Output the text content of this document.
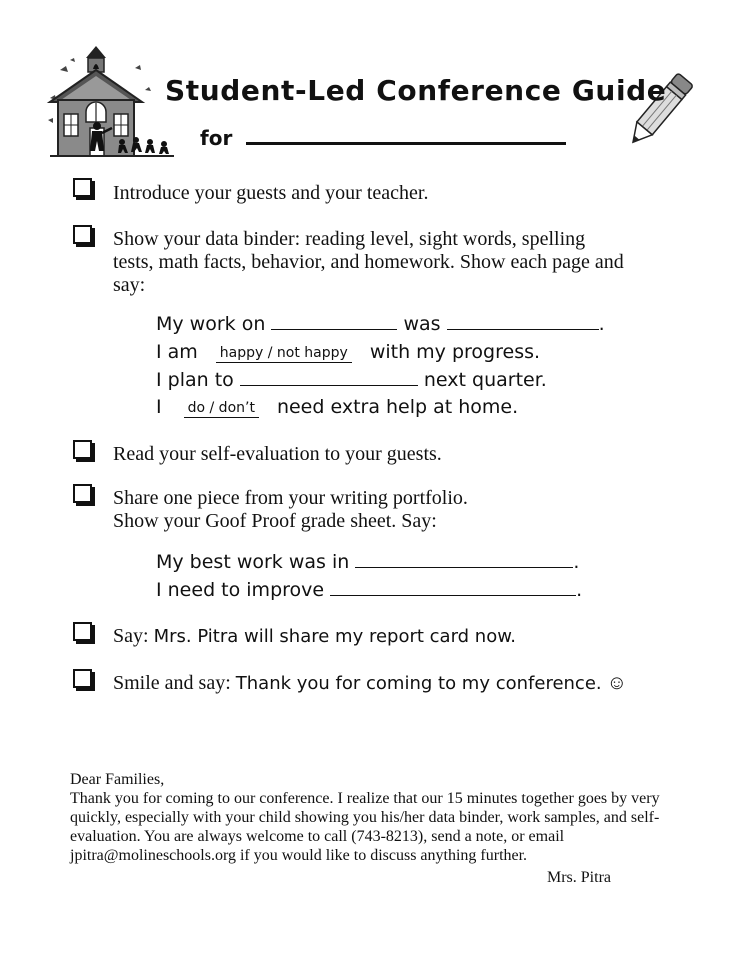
Student-Led Conference Guide
for
Introduce your guests and your teacher.
Show your data binder: reading level, sight words, spelling
tests, math facts, behavior, and homework. Show each page and
say:
My work on	was	.
I am happy / not happy with my progress.
I plan to	next quarter.
I do / don’t need extra help at home.
Read your self-evaluation to your guests.
Share one piece from your writing portfolio.
Show your Goof Proof grade sheet. Say:
My best work was in	.
I need to improve	.
Say: Mrs. Pitra will share my report card now.
Smile and say: Thank you for coming to my conference. ☺
Dear Families,
Thank you for coming to our conference. I realize that our 15 minutes together goes by very quickly, especially with your child showing you his/her data binder, work samples, and self-evaluation. You are always welcome to call (743-8213), send a note, or email jpitra@molineschools.org if you would like to discuss anything further.
Mrs. Pitra
